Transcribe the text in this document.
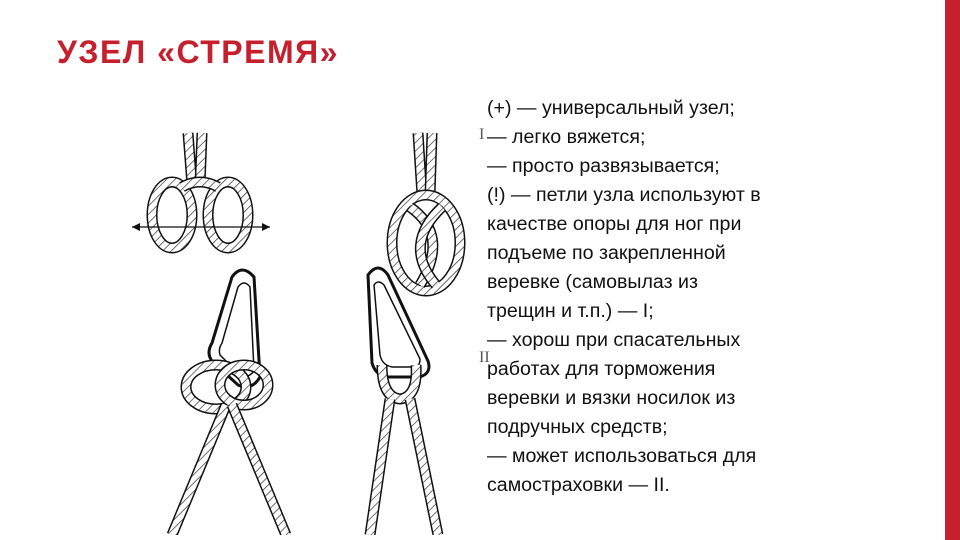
УЗЕЛ «СТРЕМЯ»
I
II
(+) — универсальный узел;
— легко вяжется;
— просто развязывается;
(!) — петли узла используют в
качестве опоры для ног при
подъеме по закрепленной
веревке (самовылаз из
трещин и т.п.) — I;
— хорош при спасательных
работах для торможения
веревки и вязки носилок из
подручных средств;
— может использоваться для
самостраховки — II.
